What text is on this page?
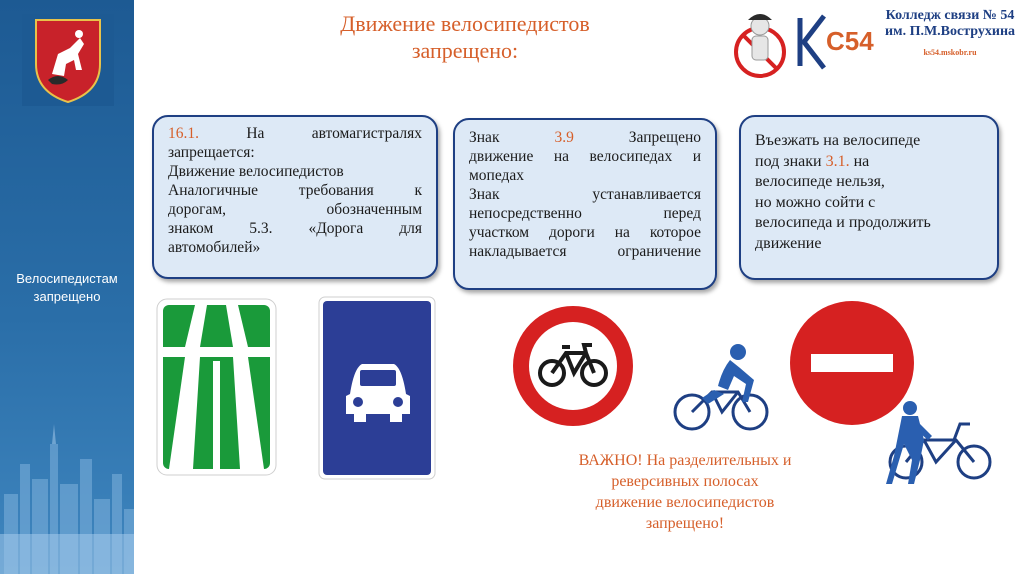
Велосипедистам
запрещено
Движение велосипедистов
запрещено:	С54
Колледж связи № 54
им. П.М.Вострухина
ks54.mskobr.ru

16.1. На автомагистралях

запрещается:

Движение велосипедистов

Аналогичные требования к

дорогам, обозначенным

знаком 5.3. «Дорога для

автомобилей»

Знак 3.9 Запрещено

движение на велосипедах и

мопедах

Знак устанавливается

непосредственно перед

участком дороги на которое

накладывается ограничение

Въезжать на велосипеде

под знаки 3.1. на

велосипеде нельзя,

но можно сойти с

велосипеда и продолжить

движение

ВАЖНО! На разделительных и
реверсивных полосах
движение велосипедистов
запрещено!
